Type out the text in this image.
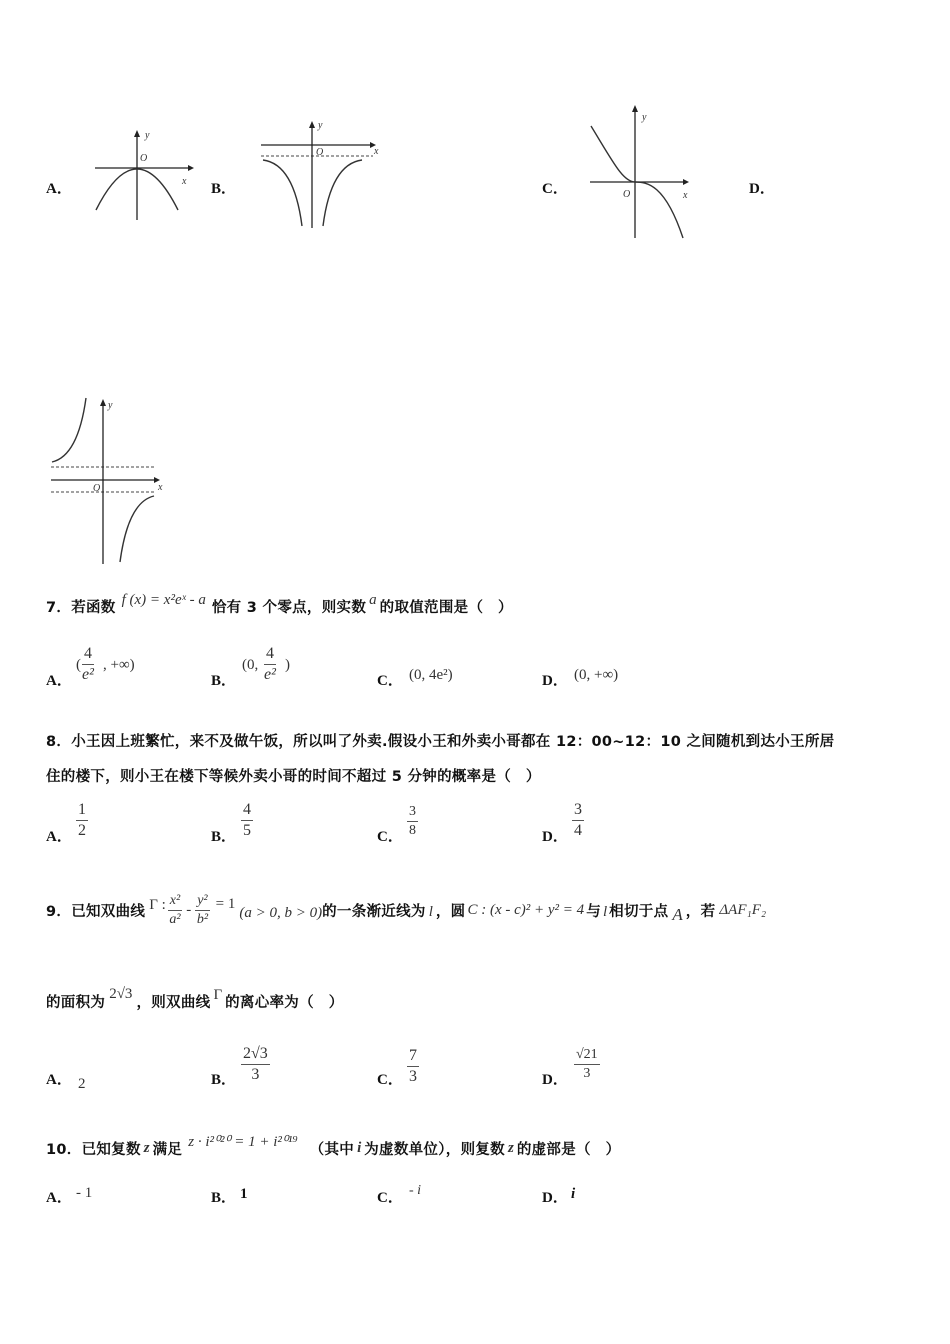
A．
y
x
O
B．
y
x
O
C．
y
x
O	D．
y
x
O
7． 若函数 f (x) = x²eˣ - a 恰有 3 个零点，则实数 a 的取值范围是（　）
A．
( $\frac{4}{\text{e²}}$ , +∞)
B．
(0, $\frac{4}{\text{e²}}$ )
C． (0, 4e²)	D． (0, +∞)
8．小王因上班繁忙，来不及做午饭，所以叫了外卖.假设小王和外卖小哥都在 12：00~12：10 之间随机到达小王所居
住的楼下，则小王在楼下等候外卖小哥的时间不超过 5 分钟的概率是（　）
A． $\frac{1}{2}$	B． $\frac{4}{5}$	C． $\frac{3}{8}$	D． $\frac{3}{4}$
9． 已知双曲线 Γ : $\frac{\text{x²}}{\text{a²}} - \frac{\text{y²}}{\text{b²}} = 1$
(a > 0, b > 0) 的一条渐近线为 l ，圆 C : (x - c)² + y² = 4 与 l 相切于点 A ，若 ΔAF₁F₂
的面积为
2√3
，则双曲线 Γ 的离心率为（　）
A． 2	B． $\frac{2√3}{3}$	C． $\frac{7}{3}$	D． $\frac{√21}{3}$
10． 已知复数 z 满足 z · i²⁰²⁰ = 1 + i²⁰¹⁹ （其中 i 为虚数单位），则复数 z 的虚部是（　）
A． - 1	B． 1	C． - i	D． i
